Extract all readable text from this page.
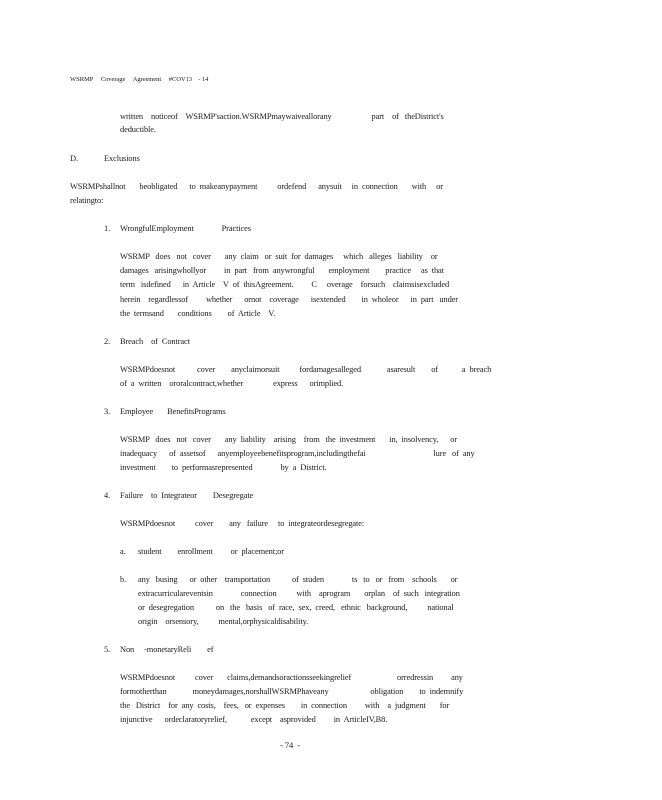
WSRMP     Coverage     Agreement     #COV13    - 14
written    noticeof    WSRMP'saction.WSRMPmaywaiveallorany                    part    of   theDistrict's
deductible.
D.	Exclusions
WSRMPshallnot       beobligated      to  makeanypayment          ordefend      anysuit     in  connection       with     or
relatingto:
1. WrongfulEmployment              Practices
WSRMP   does   not   cover       any  claim   or  suit  for  damages     which   alleges   liability    or
damages   arisingwhollyor         in  part   from  anywrongful       employment        practice     as  that
term   isdefined      in  Article    V  of  thisAgreement.         C     overage    forsuch    claimsisexcluded
herein    regardlessof         whether      ornot    coverage      isextended        in  wholeor      in  part   under
the  termsand       conditions        of  Article    V.
2. Breach    of  Contract
WSRMPdoesnot           cover        anyclaimorsuit          fordamagesalleged             asaresult        of            a  breach
of  a  written    ororalcontract,whether               express      orimplied.
3. Employee       BenefitsPrograms
WSRMP   does   not   cover       any  liability    arising    from   the  investment       in,  insolvency,      or
inadequacy      of  assetsof      anyemployeebenefitsprogram,includingthefai                                  lure   of  any
investment        to  performasrepresented              by  a  District.
4. Failure    to  Integrateor        Desegregate
WSRMPdoesnot          cover        any   failure     to  integrateordesegregate:
a. student        enrollment         or  placement;or
b. any   busing      or  other    transportation           of  studen              ts   to   or   from    schools       or
extracurriculareventsin              connection          with    aprogram       orplan    of  such   integration
or  desegregation           on   the   basis   of  race,  sex,  creed,   ethnic   background,          national
origin    orsensory,          mental,orphysicaldisability.
5. Non     -monetaryReli        ef
WSRMPdoesnot          cover       claims,demandsoractionsseekingrelief                       orredressin         any
formotherthan             moneydamages,norshallWSRMPhaveany                     obligation        to  indemnify
the   District    for  any  costs,    fees,   or  expenses        in  connection         with    a  judgment       for
injunctive      ordeclaratoryrelief,            except    asprovided         in  ArticleIV,B8.
- 74  -
